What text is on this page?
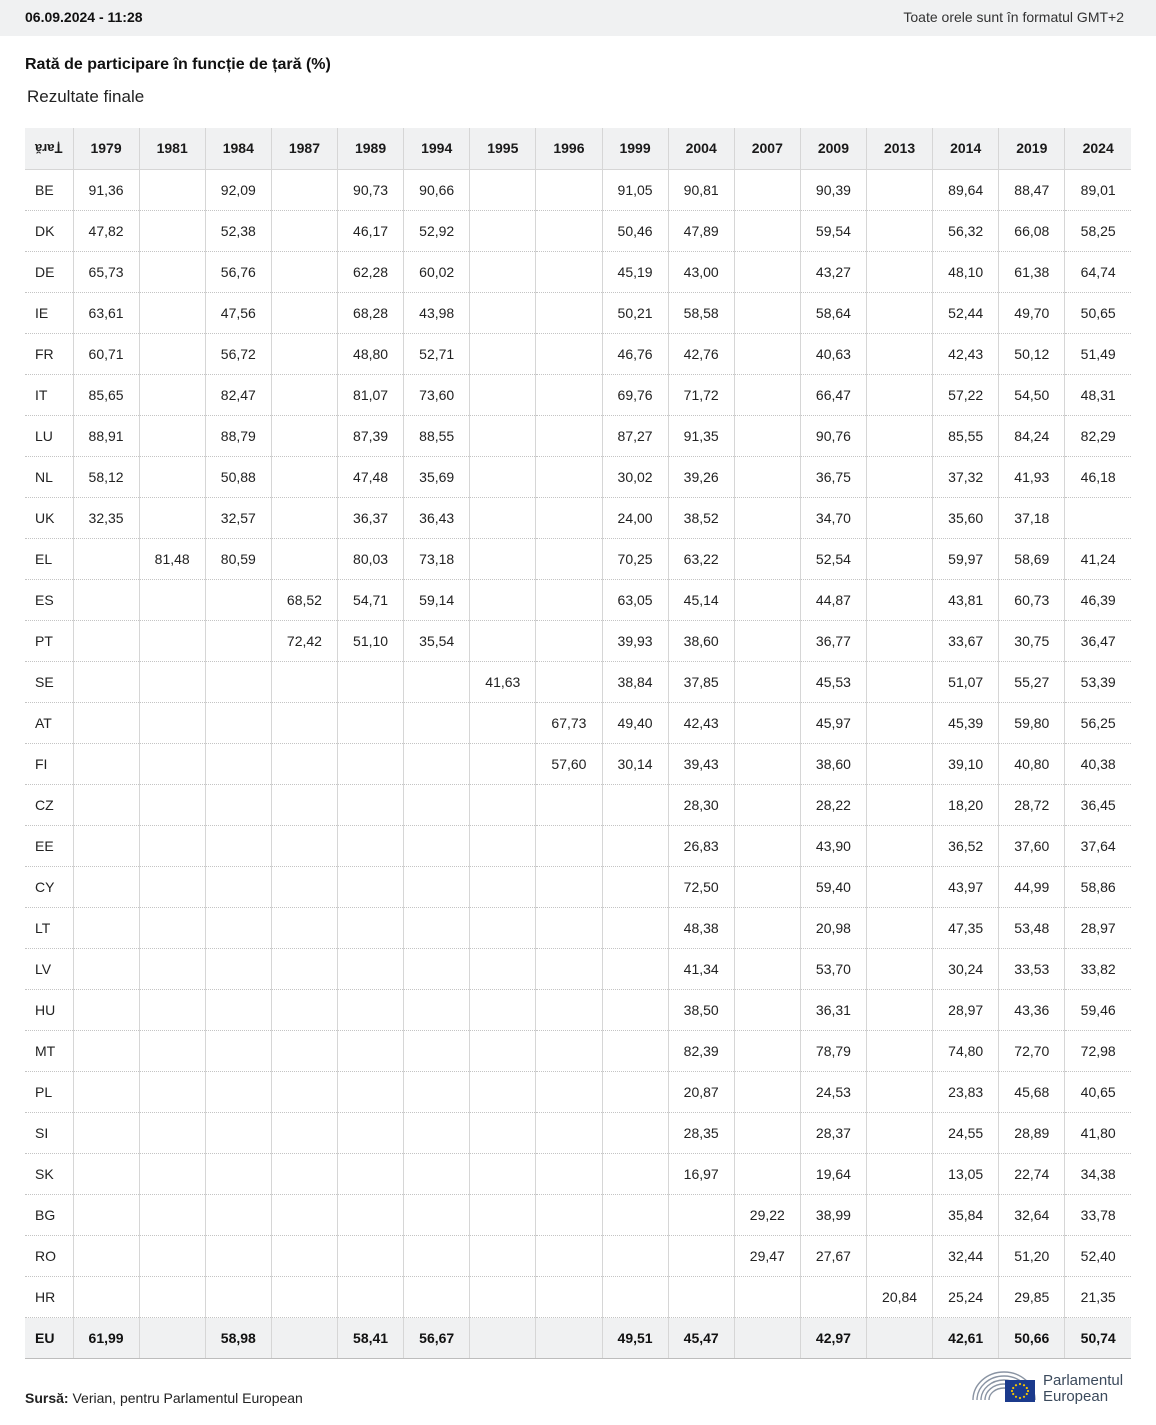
06.09.2024 - 11:28	Toate orele sunt în formatul GMT+2
Rată de participare în funcție de țară (%)
Rezultate finale
Țară	1979	1981	1984	1987	1989	1994	1995	1996	1999	2004	2007	2009	2013	2014	2019	2024
BE	91,36		92,09		90,73	90,66			91,05	90,81		90,39		89,64	88,47	89,01
DK	47,82		52,38		46,17	52,92			50,46	47,89		59,54		56,32	66,08	58,25
DE	65,73		56,76		62,28	60,02			45,19	43,00		43,27		48,10	61,38	64,74
IE	63,61		47,56		68,28	43,98			50,21	58,58		58,64		52,44	49,70	50,65
FR	60,71		56,72		48,80	52,71			46,76	42,76		40,63		42,43	50,12	51,49
IT	85,65		82,47		81,07	73,60			69,76	71,72		66,47		57,22	54,50	48,31
LU	88,91		88,79		87,39	88,55			87,27	91,35		90,76		85,55	84,24	82,29
NL	58,12		50,88		47,48	35,69			30,02	39,26		36,75		37,32	41,93	46,18
UK	32,35		32,57		36,37	36,43			24,00	38,52		34,70		35,60	37,18	
EL		81,48	80,59		80,03	73,18			70,25	63,22		52,54		59,97	58,69	41,24
ES				68,52	54,71	59,14			63,05	45,14		44,87		43,81	60,73	46,39
PT				72,42	51,10	35,54			39,93	38,60		36,77		33,67	30,75	36,47
SE							41,63		38,84	37,85		45,53		51,07	55,27	53,39
AT								67,73	49,40	42,43		45,97		45,39	59,80	56,25
FI								57,60	30,14	39,43		38,60		39,10	40,80	40,38
CZ										28,30		28,22		18,20	28,72	36,45
EE										26,83		43,90		36,52	37,60	37,64
CY										72,50		59,40		43,97	44,99	58,86
LT										48,38		20,98		47,35	53,48	28,97
LV										41,34		53,70		30,24	33,53	33,82
HU										38,50		36,31		28,97	43,36	59,46
MT										82,39		78,79		74,80	72,70	72,98
PL										20,87		24,53		23,83	45,68	40,65
SI										28,35		28,37		24,55	28,89	41,80
SK										16,97		19,64		13,05	22,74	34,38
BG											29,22	38,99		35,84	32,64	33,78
RO											29,47	27,67		32,44	51,20	52,40
HR													20,84	25,24	29,85	21,35
EU	61,99		58,98		58,41	56,67			49,51	45,47		42,97		42,61	50,66	50,74
Sursă: Verian, pentru Parlamentul European
Parlamentul
European
